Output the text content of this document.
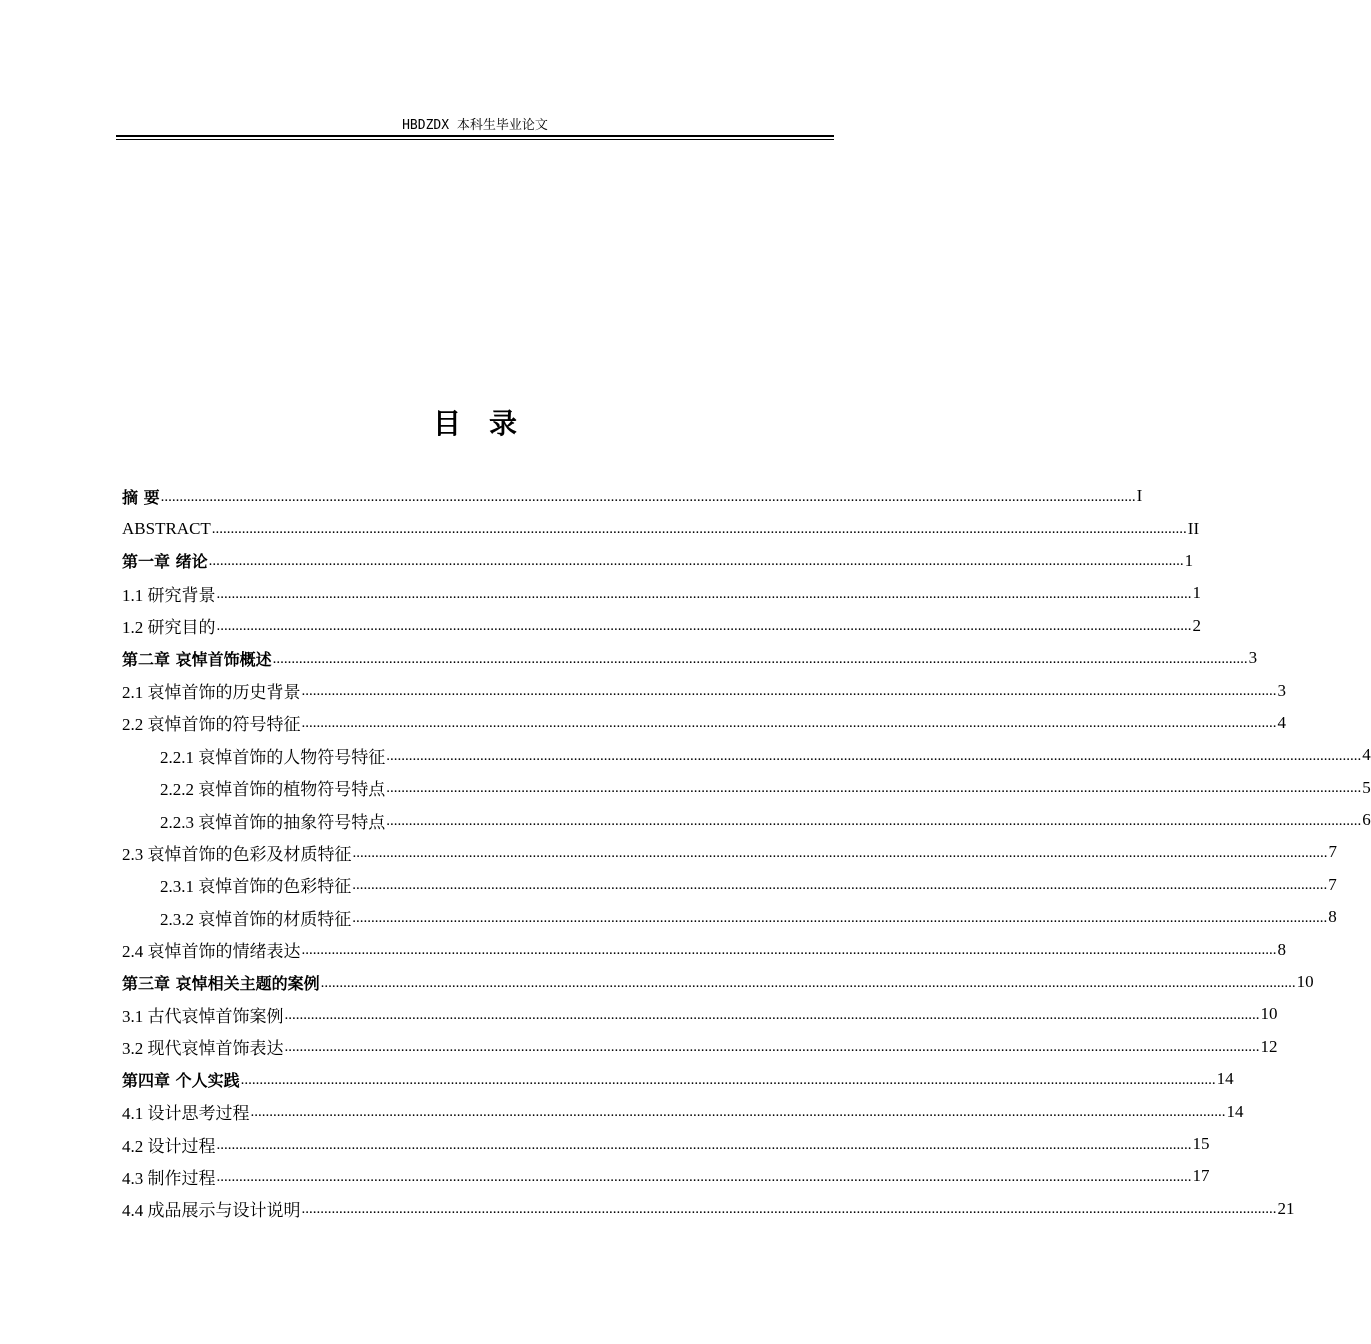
HBDZDX 本科生毕业论文
目录
摘 要 .................................................................................................................................................................................................................................................................... I
ABSTRACT .................................................................................................................................................................................................................................................................... II
第一章 绪论 .................................................................................................................................................................................................................................................................... 1
1.1 研究背景 .................................................................................................................................................................................................................................................................... 1
1.2 研究目的 .................................................................................................................................................................................................................................................................... 2
第二章 哀悼首饰概述 .................................................................................................................................................................................................................................................................... 3
2.1 哀悼首饰的历史背景 .................................................................................................................................................................................................................................................................... 3
2.2 哀悼首饰的符号特征 .................................................................................................................................................................................................................................................................... 4
2.2.1 哀悼首饰的人物符号特征 .................................................................................................................................................................................................................................................................... 4
2.2.2 哀悼首饰的植物符号特点 .................................................................................................................................................................................................................................................................... 5
2.2.3 哀悼首饰的抽象符号特点 .................................................................................................................................................................................................................................................................... 6
2.3 哀悼首饰的色彩及材质特征 .................................................................................................................................................................................................................................................................... 7
2.3.1 哀悼首饰的色彩特征 .................................................................................................................................................................................................................................................................... 7
2.3.2 哀悼首饰的材质特征 .................................................................................................................................................................................................................................................................... 8
2.4 哀悼首饰的情绪表达 .................................................................................................................................................................................................................................................................... 8
第三章 哀悼相关主题的案例 .................................................................................................................................................................................................................................................................... 10
3.1 古代哀悼首饰案例 .................................................................................................................................................................................................................................................................... 10
3.2 现代哀悼首饰表达 .................................................................................................................................................................................................................................................................... 12
第四章 个人实践 .................................................................................................................................................................................................................................................................... 14
4.1 设计思考过程 .................................................................................................................................................................................................................................................................... 14
4.2 设计过程 .................................................................................................................................................................................................................................................................... 15
4.3 制作过程 .................................................................................................................................................................................................................................................................... 17
4.4 成品展示与设计说明 .................................................................................................................................................................................................................................................................... 21
